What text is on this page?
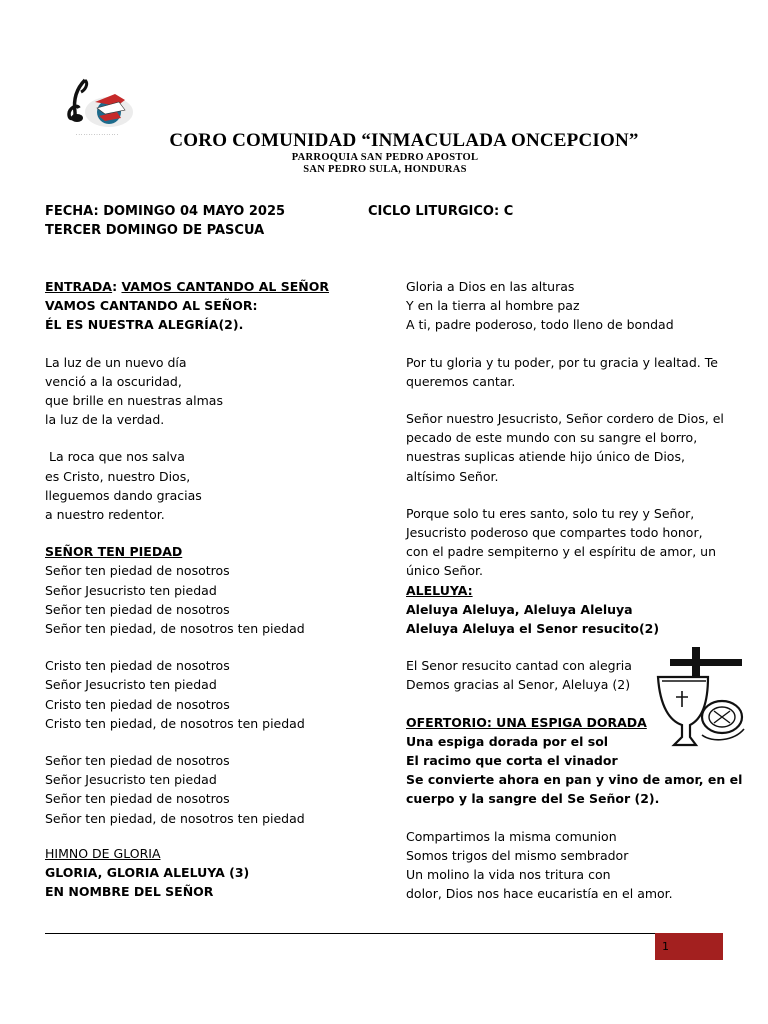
· · · · · · · · · · · · · · · · ·	CORO COMUNIDAD “INMACULADA ONCEPCION”
PARROQUIA SAN PEDRO APOSTOL
SAN PEDRO SULA, HONDURAS
FECHA: DOMINGO 04 MAYO 2025
TERCER DOMINGO DE PASCUA
CICLO LITURGICO: C
ENTRADA: VAMOS CANTANDO AL SEÑOR
VAMOS CANTANDO AL SEÑOR:
ÉL ES NUESTRA ALEGRÍA(2).
La luz de un nuevo día
venció a la oscuridad,
que brille en nuestras almas
la luz de la verdad.
La roca que nos salva
es Cristo, nuestro Dios,
lleguemos dando gracias
a nuestro redentor.
SEÑOR TEN PIEDAD
Señor ten piedad de nosotros
Señor Jesucristo ten piedad
Señor ten piedad de nosotros
Señor ten piedad, de nosotros ten piedad
Cristo ten piedad de nosotros
Señor Jesucristo ten piedad
Cristo ten piedad de nosotros
Cristo ten piedad, de nosotros ten piedad
Señor ten piedad de nosotros
Señor Jesucristo ten piedad
Señor ten piedad de nosotros
Señor ten piedad, de nosotros ten piedad
HIMNO DE GLORIA
GLORIA, GLORIA ALELUYA (3)
EN NOMBRE DEL SEÑOR
Gloria a Dios en las alturas
Y en la tierra al hombre paz
A ti, padre poderoso, todo lleno de bondad
Por tu gloria y tu poder, por tu gracia y lealtad. Te
queremos cantar.
Señor nuestro Jesucristo, Señor cordero de Dios, el
pecado de este mundo con su sangre el borro,
nuestras suplicas atiende hijo único de Dios,
altísimo Señor.
Porque solo tu eres santo, solo tu rey y Señor,
Jesucristo poderoso que compartes todo honor,
con el padre sempiterno y el espíritu de amor, un
único Señor.
ALELUYA:
Aleluya Aleluya, Aleluya Aleluya
Aleluya Aleluya el Senor resucito(2)
El Senor resucito cantad con alegria
Demos gracias al Senor, Aleluya (2)
OFERTORIO: UNA ESPIGA DORADA
Una espiga dorada por el sol
El racimo que corta el vinador
Se convierte ahora en pan y vino de amor, en el
cuerpo y la sangre del Se Señor (2).
Compartimos la misma comunion
Somos trigos del mismo sembrador
Un molino la vida nos tritura con
dolor, Dios nos hace eucaristía en el amor.
1
